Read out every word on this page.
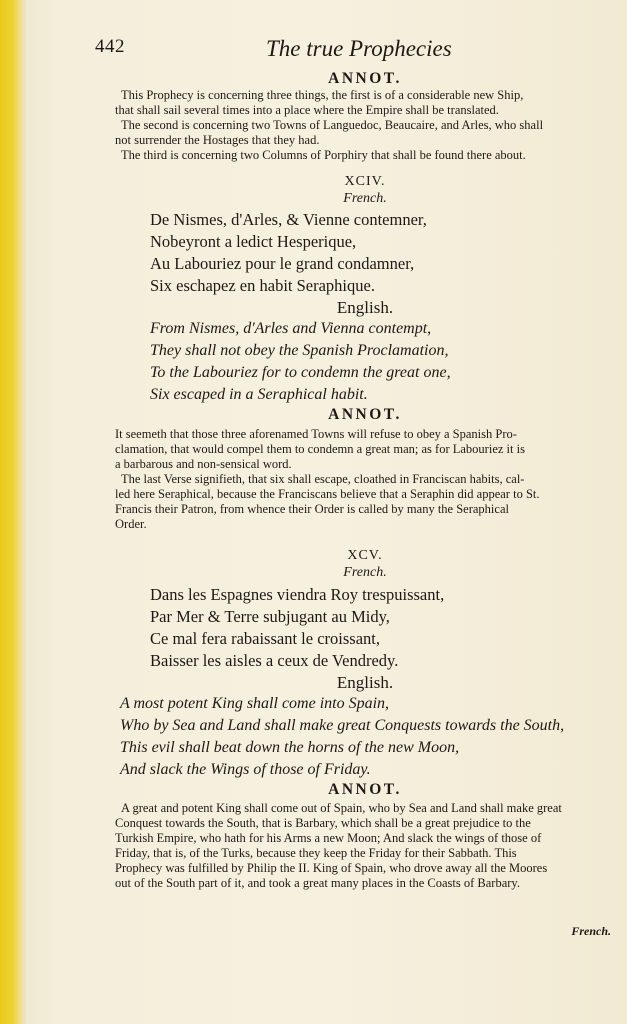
442	The true Prophecies
ANNOT.
This Prophecy is concerning three things, the first is of a considerable new Ship,
that shall sail several times into a place where the Empire shall be translated.
The second is concerning two Towns of Languedoc, Beaucaire, and Arles, who shall
not surrender the Hostages that they had.
The third is concerning two Columns of Porphiry that shall be found there about.
XCIV.
French.
De Nismes, d'Arles, & Vienne contemner,
Nobeyront a ledict Hesperique,
Au Labouriez pour le grand condamner,
Six eschapez en habit Seraphique.
English.
From Nismes, d'Arles and Vienna contempt,
They shall not obey the Spanish Proclamation,
To the Labouriez for to condemn the great one,
Six escaped in a Seraphical habit.
ANNOT.
It seemeth that those three aforenamed Towns will refuse to obey a Spanish Pro-
clamation, that would compel them to condemn a great man; as for Labouriez it is
a barbarous and non-sensical word.
The last Verse signifieth, that six shall escape, cloathed in Franciscan habits, cal-
led here Seraphical, because the Franciscans believe that a Seraphin did appear to St.
Francis their Patron, from whence their Order is called by many the Seraphical
Order.
XCV.
French.
Dans les Espagnes viendra Roy trespuissant,
Par Mer & Terre subjugant au Midy,
Ce mal fera rabaissant le croissant,
Baisser les aisles a ceux de Vendredy.
English.
A most potent King shall come into Spain,
Who by Sea and Land shall make great Conquests towards the South,
This evil shall beat down the horns of the new Moon,
And slack the Wings of those of Friday.
ANNOT.
A great and potent King shall come out of Spain, who by Sea and Land shall make great
Conquest towards the South, that is Barbary, which shall be a great prejudice to the
Turkish Empire, who hath for his Arms a new Moon; And slack the wings of those of
Friday, that is, of the Turks, because they keep the Friday for their Sabbath. This
Prophecy was fulfilled by Philip the II. King of Spain, who drove away all the Moores
out of the South part of it, and took a great many places in the Coasts of Barbary.
French.
